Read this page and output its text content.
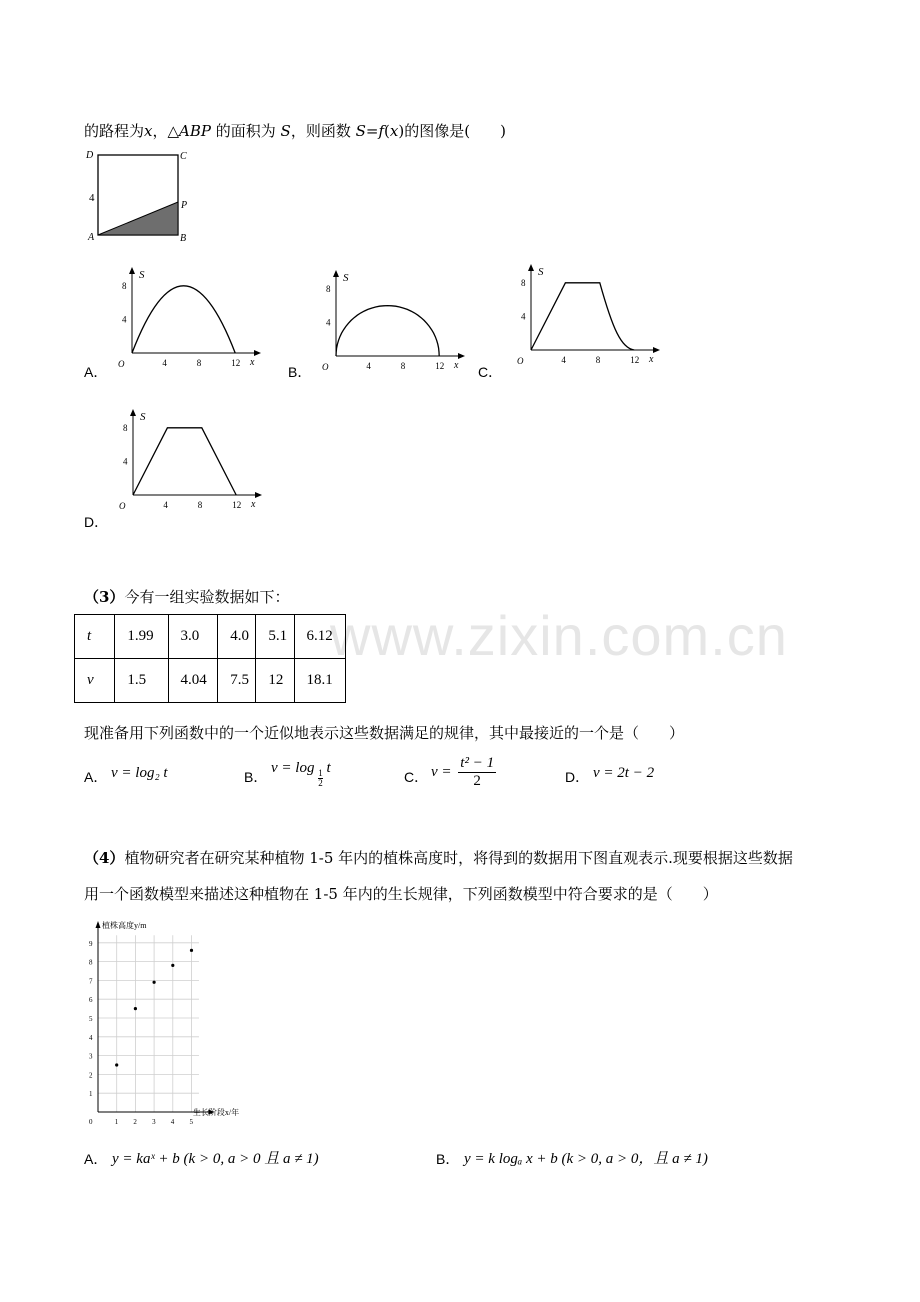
www.zixin.com.cn
的路程为x，△ABP 的面积为 S，则函数 S=f(x)的图像是(　　)
D	C
A	B
P
4
A．	B．	C．
D．
S
x
O	4	8	12
4
8
S
x
O	4	8	12
4
8
S
x
O	4	8	12
4
8
S
x
O	4	8	12
4
8
（3）今有一组实验数据如下：
t	1.99	3.0	4.0	5.1	6.12
v	1.5	4.04	7.5	12	18.1
现准备用下列函数中的一个近似地表示这些数据满足的规律，其中最接近的一个是（　　）
A． v = log₂ t	B．
v = log
$\frac{1}{2}$
t
C． $v = \frac{\text{t² − 1}}{2}$	D． v = 2t − 2
（4）植物研究者在研究某种植物 1-5 年内的植株高度时，将得到的数据用下图直观表示.现要根据这些数据
用一个函数模型来描述这种植物在 1-5 年内的生长规律，下列函数模型中符合要求的是（　　）
植株高度y/m
生长阶段x/年
0	1 2 3 4 5
1
2
3
4
5
6
7
8
9
A． y = kaˣ + b (k > 0, a > 0 且 a ≠ 1)	B． y = k logₐ x + b (k > 0, a > 0，且 a ≠ 1)
